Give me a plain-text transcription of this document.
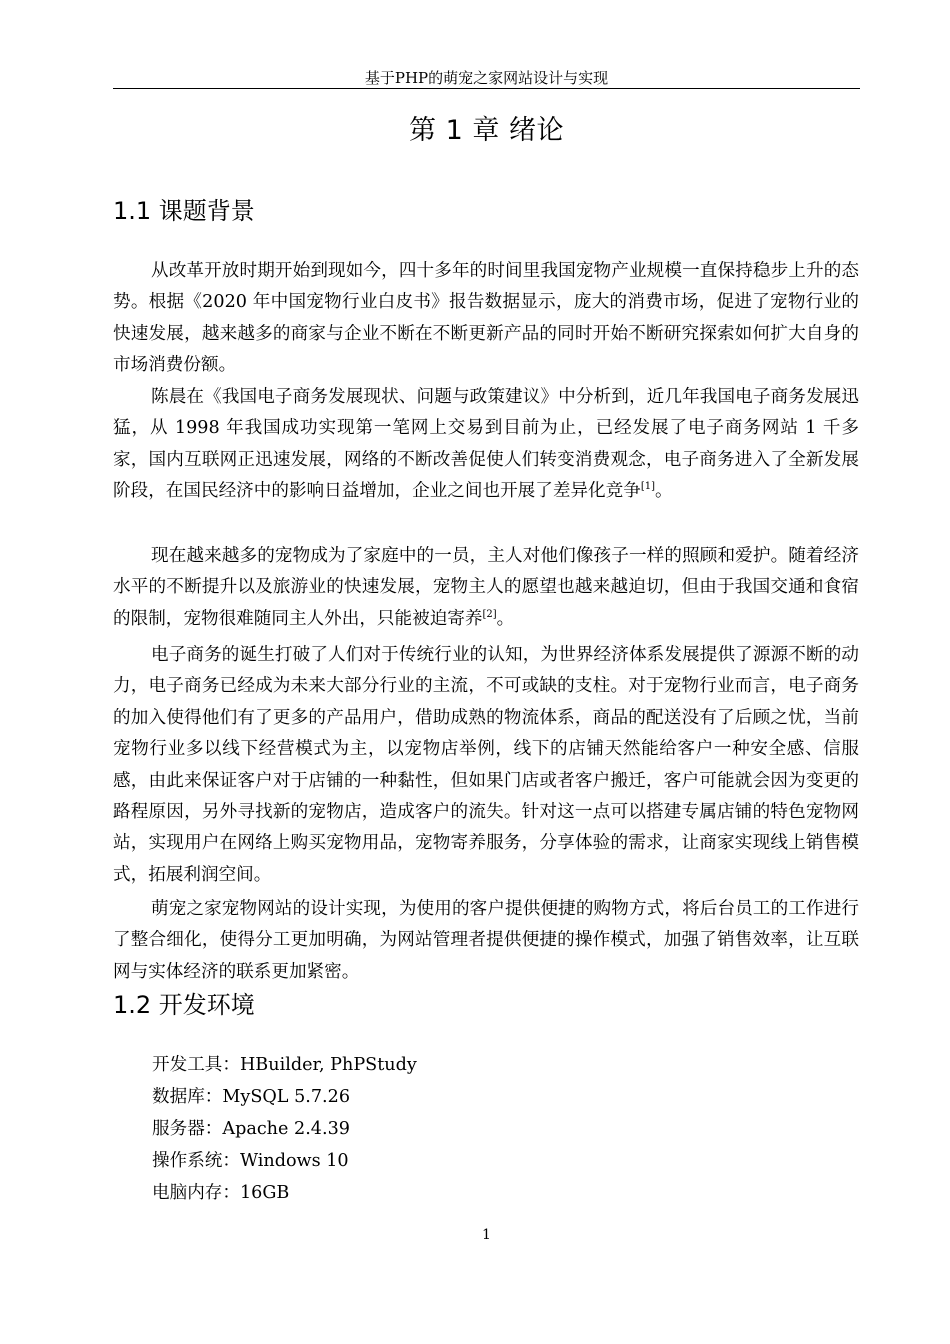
基于PHP的萌宠之家网站设计与实现
第 1 章 绪论
1.1 课题背景

从改革开放时期开始到现如今，四十多年的时间里我国宠物产业规模一直保持稳步上升的态势。根据《2020 年中国宠物行业白皮书》报告数据显示，庞大的消费市场，促进了宠物行业的快速发展，越来越多的商家与企业不断在不断更新产品的同时开始不断研究探索如何扩大自身的市场消费份额。

陈晨在《我国电子商务发展现状、问题与政策建议》中分析到，近几年我国电子商务发展迅猛，从 1998 年我国成功实现第一笔网上交易到目前为止，已经发展了电子商务网站 1 千多家，国内互联网正迅速发展，网络的不断改善促使人们转变消费观念，电子商务进入了全新发展阶段，在国民经济中的影响日益增加，企业之间也开展了差异化竞争[1]。

现在越来越多的宠物成为了家庭中的一员，主人对他们像孩子一样的照顾和爱护。随着经济水平的不断提升以及旅游业的快速发展，宠物主人的愿望也越来越迫切，但由于我国交通和食宿的限制，宠物很难随同主人外出，只能被迫寄养[2]。

电子商务的诞生打破了人们对于传统行业的认知，为世界经济体系发展提供了源源不断的动力，电子商务已经成为未来大部分行业的主流，不可或缺的支柱。对于宠物行业而言，电子商务的加入使得他们有了更多的产品用户，借助成熟的物流体系，商品的配送没有了后顾之忧，当前宠物行业多以线下经营模式为主，以宠物店举例，线下的店铺天然能给客户一种安全感、信服感，由此来保证客户对于店铺的一种黏性，但如果门店或者客户搬迁，客户可能就会因为变更的路程原因，另外寻找新的宠物店，造成客户的流失。针对这一点可以搭建专属店铺的特色宠物网站，实现用户在网络上购买宠物用品，宠物寄养服务，分享体验的需求，让商家实现线上销售模式，拓展利润空间。

萌宠之家宠物网站的设计实现，为使用的客户提供便捷的购物方式，将后台员工的工作进行了整合细化，使得分工更加明确，为网站管理者提供便捷的操作模式，加强了销售效率，让互联网与实体经济的联系更加紧密。

1.2 开发环境
开发工具：HBuilder, PhPStudy
数据库：MySQL 5.7.26
服务器：Apache 2.4.39
操作系统：Windows 10
电脑内存：16GB
1
